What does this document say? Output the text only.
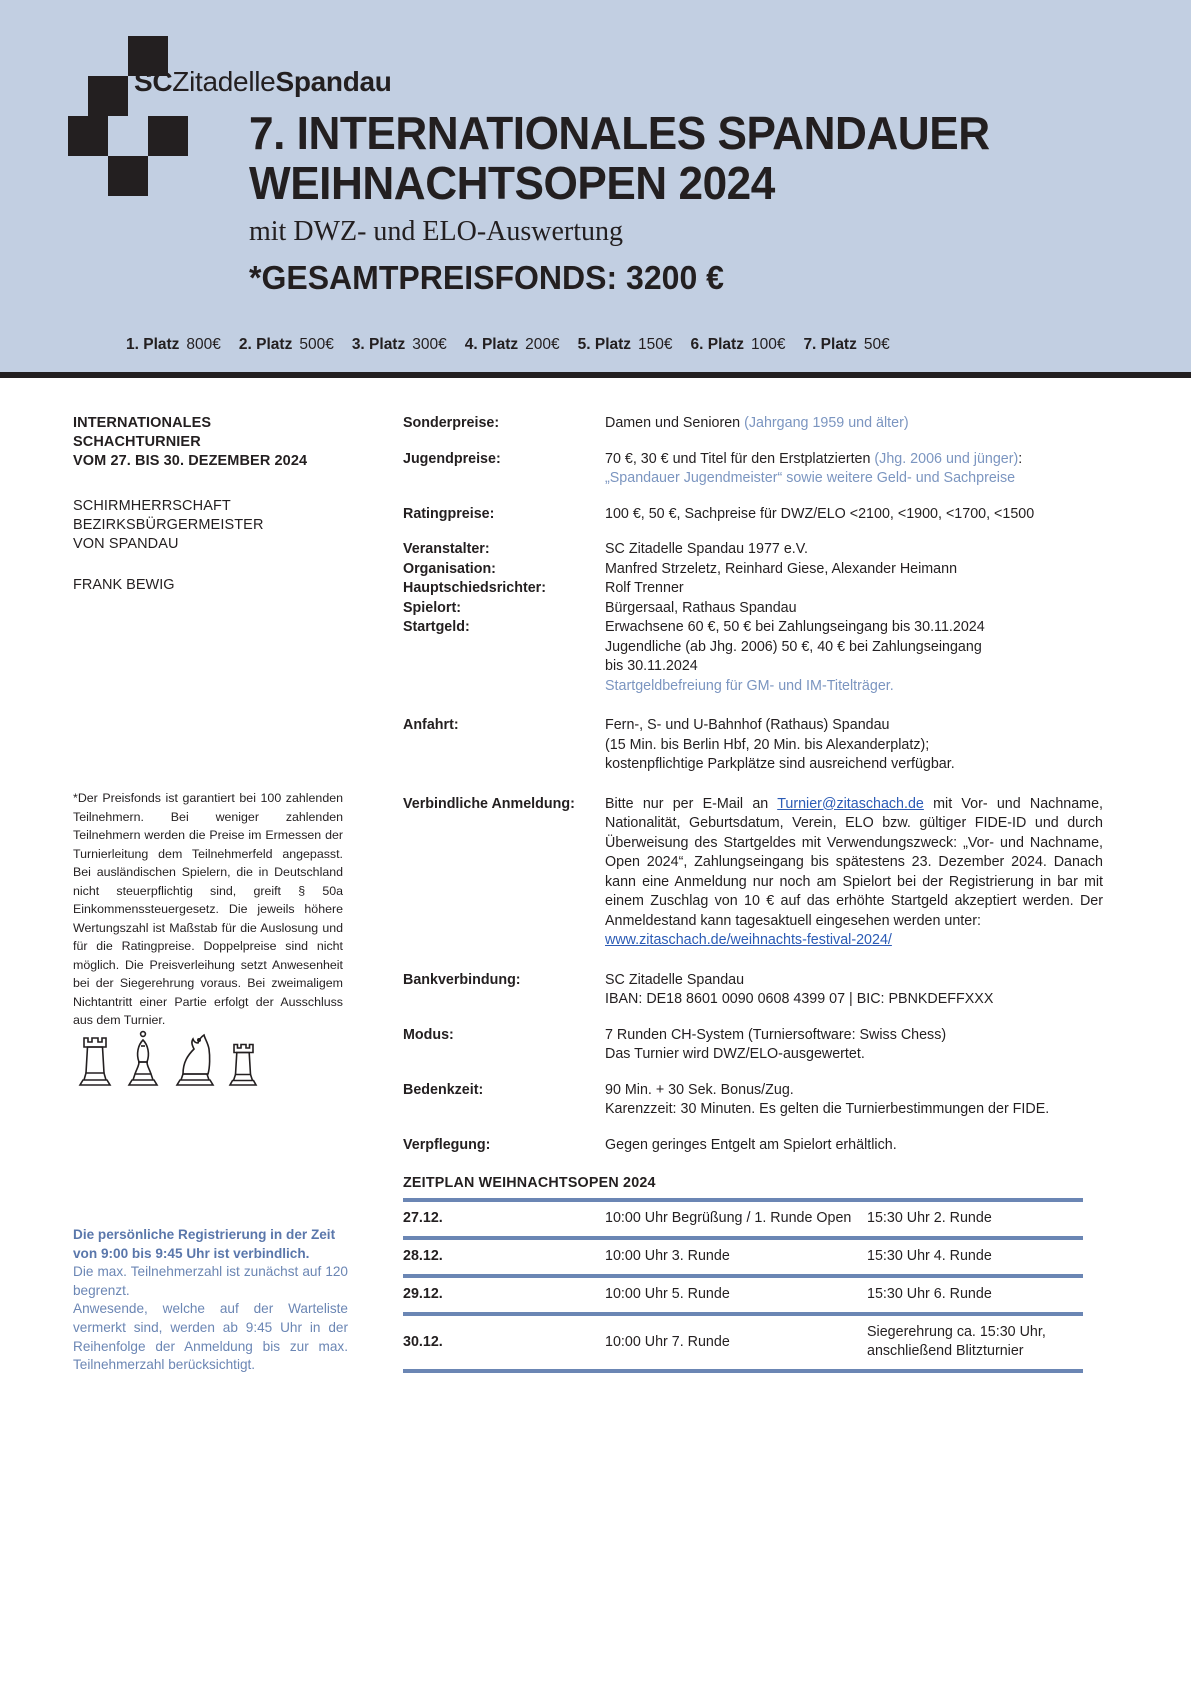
SCZitadelleSpandau
7. INTERNATIONALES SPANDAUER
WEIHNACHTSOPEN 2024
mit DWZ- und ELO-Auswertung
*GESAMTPREISFONDS: 3200 €
1. Platz 800€ 2. Platz 500€ 3. Platz 300€ 4. Platz 200€ 5. Platz 150€ 6. Platz 100€ 7. Platz 50€
INTERNATIONALES
SCHACHTURNIER
VOM 27. BIS 30. DEZEMBER 2024
SCHIRMHERRSCHAFT
BEZIRKSBÜRGERMEISTER
VON SPANDAU
FRANK BEWIG
*Der Preisfonds ist garantiert bei 100 zahlenden Teilnehmern. Bei weniger zahlenden Teilnehmern werden die Preise im Ermessen der Turnierleitung dem Teilnehmerfeld angepasst. Bei ausländischen Spielern, die in Deutschland nicht steuerpflichtig sind, greift § 50a Einkommenssteuergesetz. Die jeweils höhere Wertungszahl ist Maßstab für die Auslosung und für die Ratingpreise. Doppelpreise sind nicht möglich. Die Preisverleihung setzt Anwesenheit bei der Siegerehrung voraus. Bei zweimaligem Nichtantritt einer Partie erfolgt der Ausschluss aus dem Turnier.

Die persönliche Registrierung in der Zeit von 9:00 bis 9:45 Uhr ist verbindlich.

Die max. Teilnehmerzahl ist zunächst auf 120 begrenzt.

Anwesende, welche auf der Warteliste vermerkt sind, werden ab 9:45 Uhr in der Reihenfolge der Anmeldung bis zur max. Teilnehmerzahl berücksichtigt.

Sonderpreise:	Damen und Senioren (Jahrgang 1959 und älter)
Jugendpreise:	70 €, 30 € und Titel für den Erstplatzierten (Jhg. 2006 und jünger):

„Spandauer Jugendmeister“ sowie weitere Geld- und Sachpreise

Ratingpreise:	100 €, 50 €, Sachpreise für DWZ/ELO <2100, <1900, <1700, <1500
Veranstalter:	SC Zitadelle Spandau 1977 e.V.
Organisation:	Manfred Strzeletz, Reinhard Giese, Alexander Heimann
Hauptschiedsrichter:	Rolf Trenner
Spielort:	Bürgersaal, Rathaus Spandau
Startgeld:	Erwachsene 60 €, 50 € bei Zahlungseingang bis 30.11.2024

Jugendliche (ab Jhg. 2006) 50 €, 40 € bei Zahlungseingang

bis 30.11.2024

Startgeldbefreiung für GM- und IM-Titelträger.

Anfahrt:	Fern-, S- und U-Bahnhof (Rathaus) Spandau

(15 Min. bis Berlin Hbf, 20 Min. bis Alexanderplatz);

kostenpflichtige Parkplätze sind ausreichend verfügbar.

Verbindliche Anmeldung:	Bitte nur per E-Mail an Turnier@zitaschach.de mit Vor- und Nachname, Nationalität, Geburtsdatum, Verein, ELO bzw. gültiger FIDE-ID und durch Überweisung des Startgeldes mit Verwendungszweck: „Vor- und Nachname, Open 2024“, Zahlungseingang bis spätestens 23. Dezember 2024. Danach kann eine Anmeldung nur noch am Spielort bei der Registrierung in bar mit einem Zuschlag von 10 € auf das erhöhte Startgeld akzeptiert werden. Der Anmeldestand kann tagesaktuell eingesehen werden unter:

www.zitaschach.de/weihnachts-festival-2024/

Bankverbindung:	SC Zitadelle Spandau

IBAN: DE18 8601 0090 0608 4399 07 | BIC: PBNKDEFFXXX

Modus:	7 Runden CH-System (Turniersoftware: Swiss Chess)

Das Turnier wird DWZ/ELO-ausgewertet.

Bedenkzeit:	90 Min. + 30 Sek. Bonus/Zug.

Karenzzeit: 30 Minuten. Es gelten die Turnierbestimmungen der FIDE.

Verpflegung:	Gegen geringes Entgelt am Spielort erhältlich.
ZEITPLAN WEIHNACHTSOPEN 2024
27.12.	10:00 Uhr Begrüßung / 1. Runde Open	15:30 Uhr 2. Runde
28.12.	10:00 Uhr 3. Runde	15:30 Uhr 4. Runde
29.12.	10:00 Uhr 5. Runde	15:30 Uhr 6. Runde
30.12.	10:00 Uhr 7. Runde	Siegerehrung ca. 15:30 Uhr, anschließend Blitzturnier
